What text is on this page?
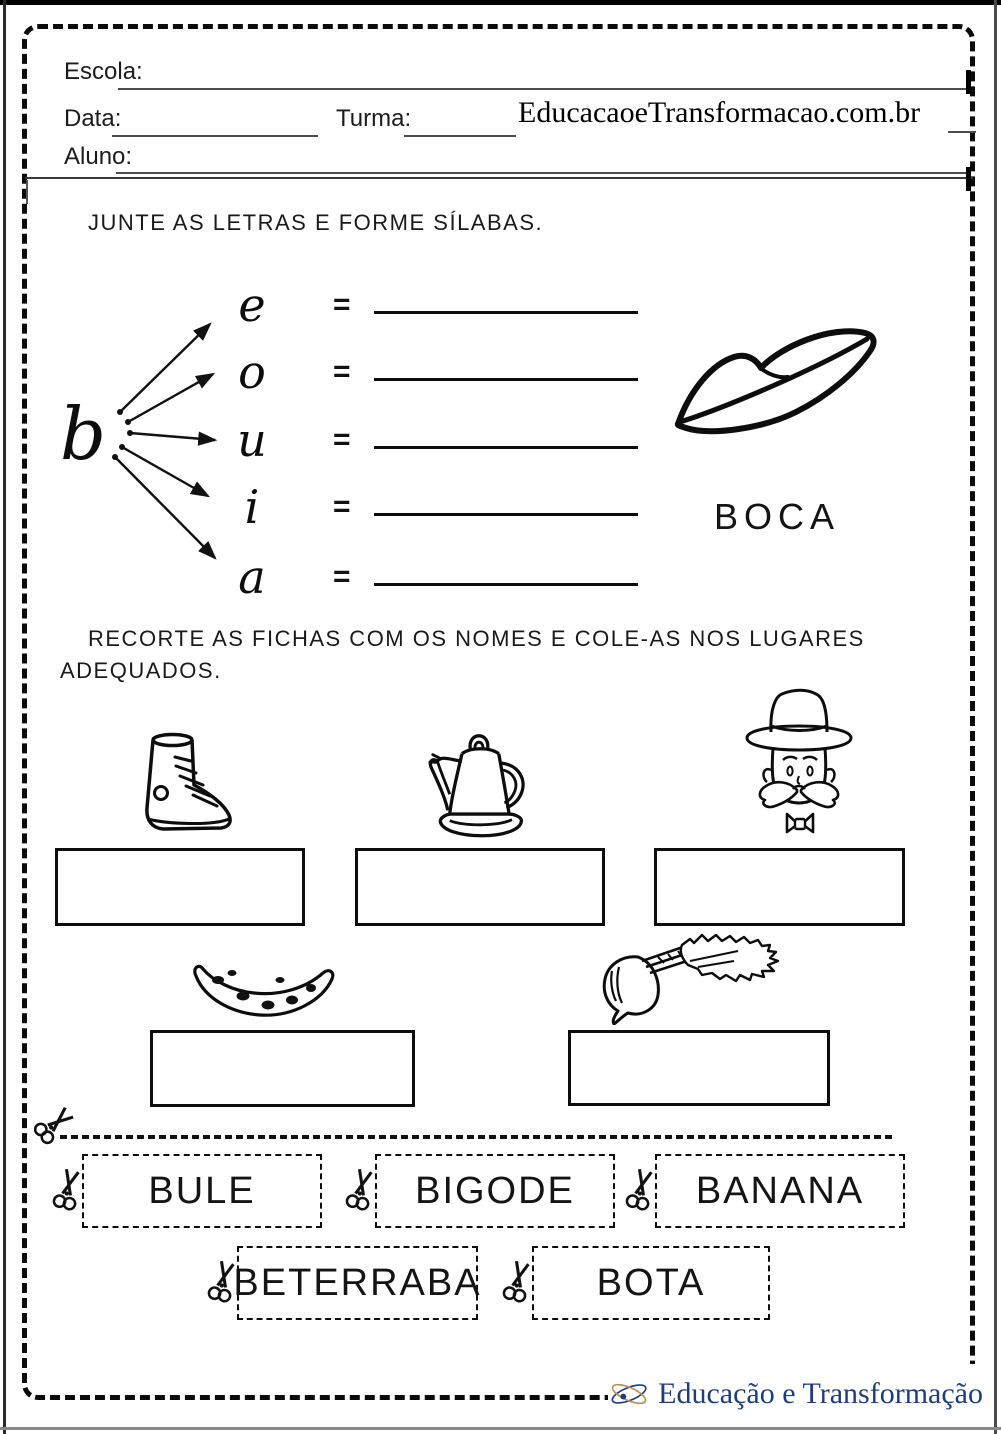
Escola:
Data:	Turma:	EducacaoeTransformacao.com.br
Aluno:
JUNTE AS LETRAS E FORME SÍLABAS.
b
e =
o =
u =
i	=
a =
BOCA
RECORTE AS FICHAS COM OS NOMES E COLE-AS NOS LUGARES
ADEQUADOS.
BULE	BIGODE	BANANA
BETERRABA	BOTA
Educação e Transformação
